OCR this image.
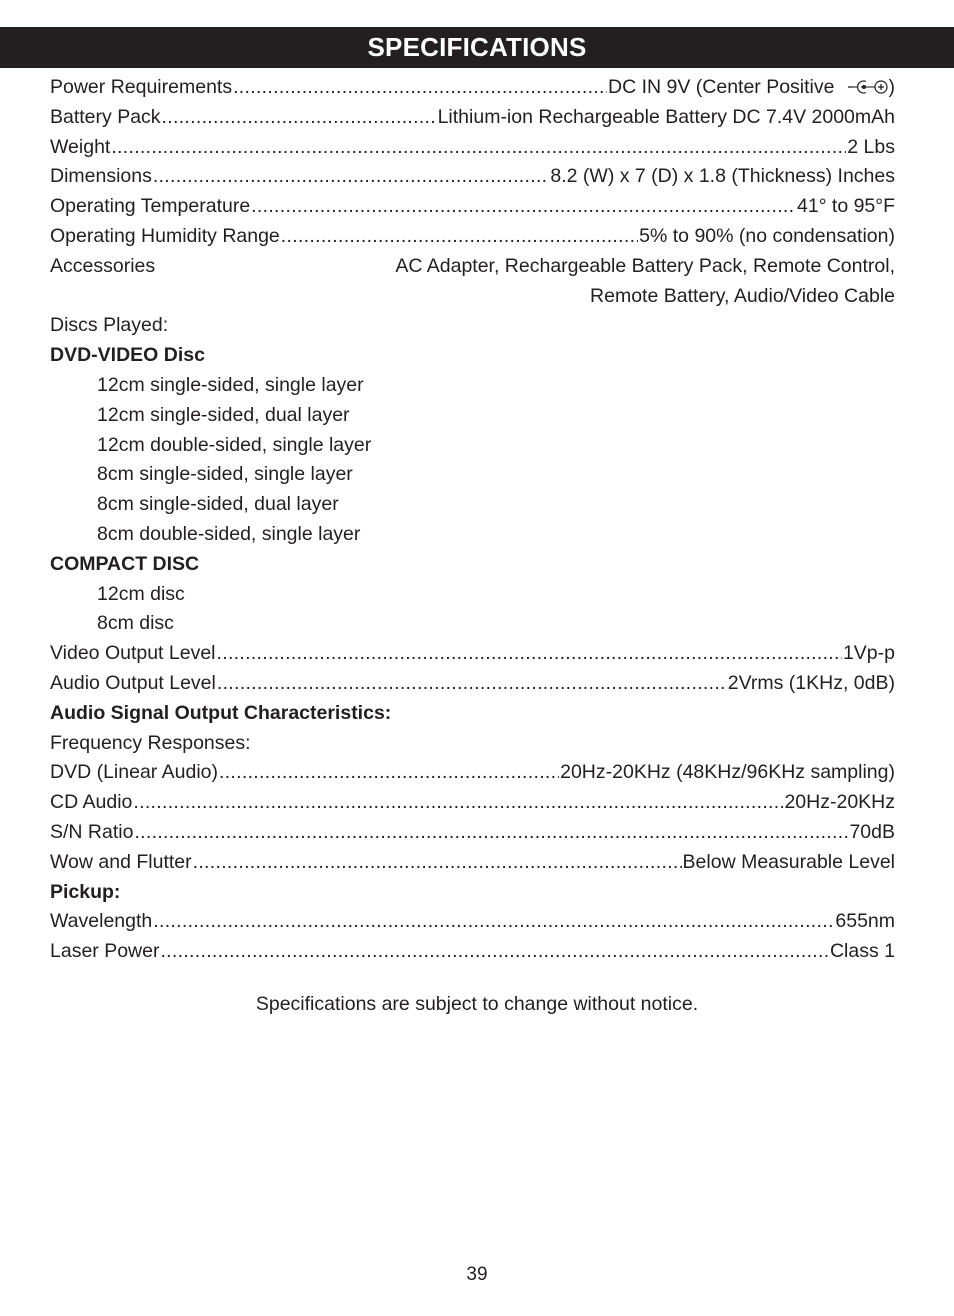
SPECIFICATIONS
Power Requirements .....	DC IN 9V (Center Positive	)
Battery Pack .....	Lithium-ion Rechargeable Battery DC 7.4V 2000mAh
Weight .....	2 Lbs
Dimensions .....	8.2 (W) x 7 (D) x 1.8 (Thickness) Inches
Operating Temperature .....	41° to 95°F
Operating Humidity Range .....	5% to 90% (no condensation)
Accessories	AC Adapter, Rechargeable Battery Pack, Remote Control,
Remote Battery, Audio/Video Cable
Discs Played:
DVD-VIDEO Disc
12cm single-sided, single layer
12cm single-sided, dual layer
12cm double-sided, single layer
8cm single-sided, single layer
8cm single-sided, dual layer
8cm double-sided, single layer
COMPACT DISC
12cm disc
8cm disc
Video Output Level .....	1Vp-p
Audio Output Level .....	2Vrms (1KHz, 0dB)
Audio Signal Output Characteristics:
Frequency Responses:
DVD (Linear Audio) .....	20Hz-20KHz (48KHz/96KHz sampling)
CD Audio .....	20Hz-20KHz
S/N Ratio .....	70dB
Wow and Flutter .....	Below Measurable Level
Pickup:
Wavelength .....	655nm
Laser Power .....	Class 1
Specifications are subject to change without notice.
39
